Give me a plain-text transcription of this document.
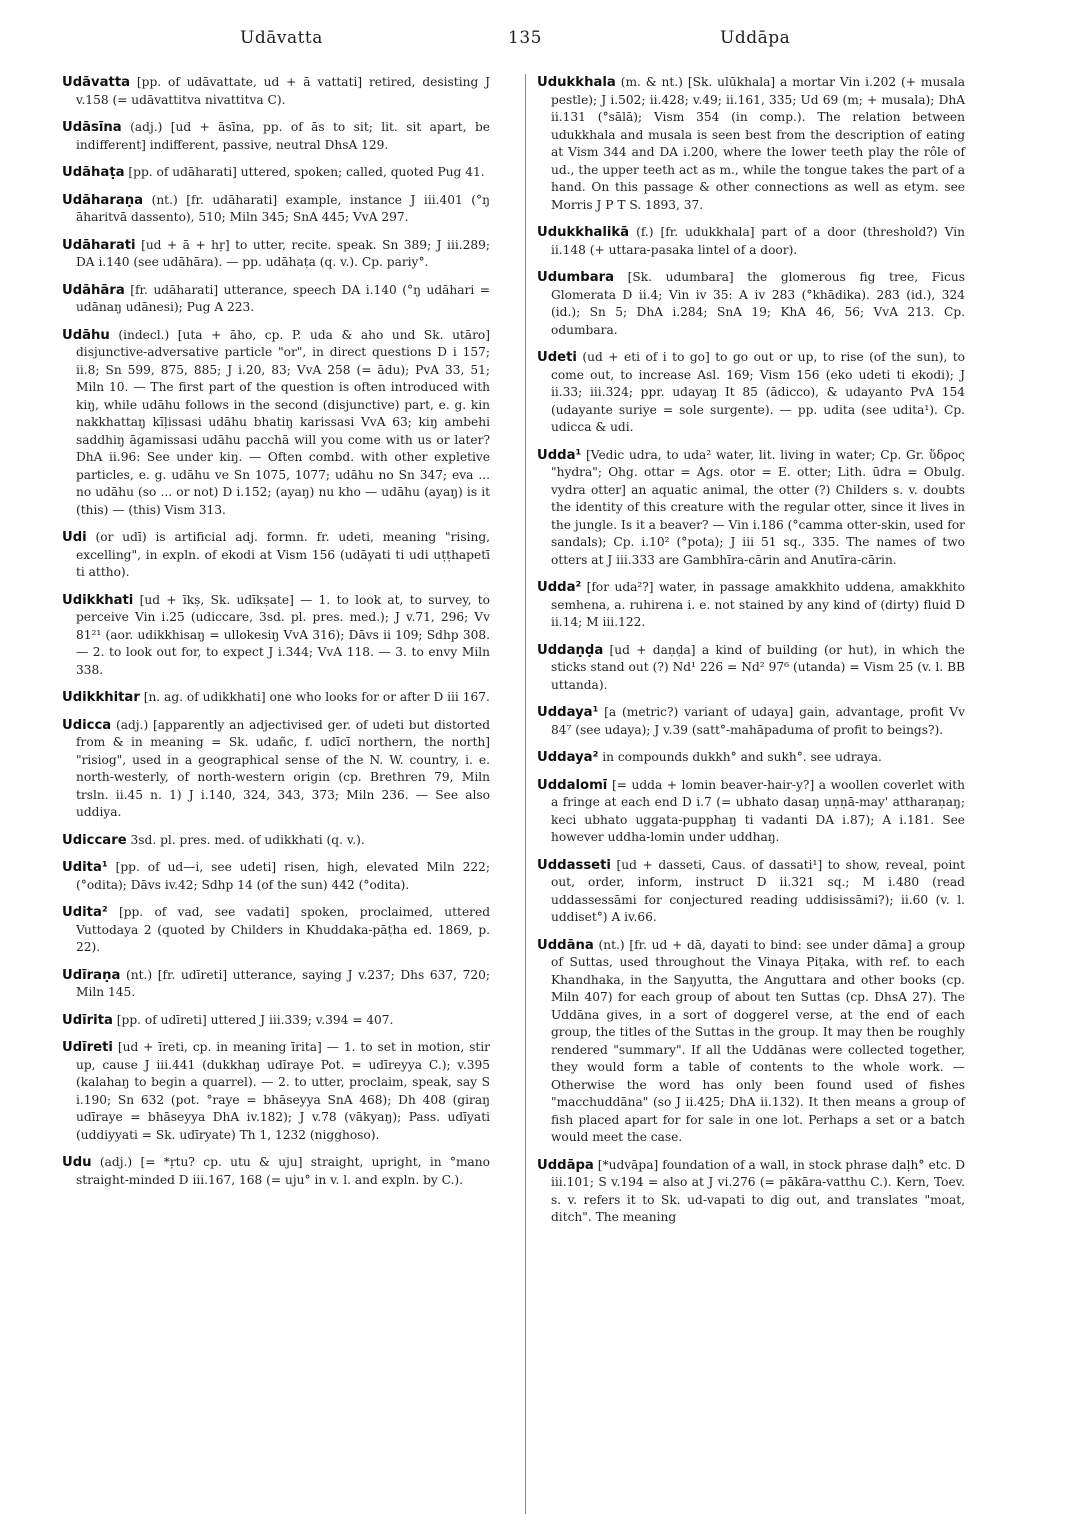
Udāvatta	135	Uddāpa

Udāvatta [pp. of udāvattate, ud + ā vattati] retired, desisting J v.158 (= udāvattitva nivattitva C).

Udāsīna (adj.) [ud + āsīna, pp. of ās to sit; lit. sit apart, be indifferent] indifferent, passive, neutral DhsA 129.

Udāhaṭa [pp. of udāharati] uttered, spoken; called, quoted Pug 41.

Udāharaṇa (nt.) [fr. udāharati] example, instance J iii.401 (°ŋ āharitvā dassento), 510; Miln 345; SnA 445; VvA 297.

Udāharati [ud + ā + hṛ] to utter, recite. speak. Sn 389; J iii.289; DA i.140 (see udāhāra). — pp. udāhaṭa (q. v.). Cp. pariy°.

Udāhāra [fr. udāharati] utterance, speech DA i.140 (°ŋ udāhari = udānaŋ udānesi); Pug A 223.

Udāhu (indecl.) [uta + āho, cp. P. uda & aho und Sk. utāro] disjunctive-adversative particle "or", in direct questions D i 157; ii.8; Sn 599, 875, 885; J i.20, 83; VvA 258 (= ādu); PvA 33, 51; Miln 10. — The first part of the question is often introduced with kiŋ, while udāhu follows in the second (disjunctive) part, e. g. kin nakkhattaŋ kīḷissasi udāhu bhatiŋ karissasi VvA 63; kiŋ ambehi saddhiŋ āgamissasi udāhu pacchā will you come with us or later? DhA ii.96: See under kiŋ. — Often combd. with other expletive particles, e. g. udāhu ve Sn 1075, 1077; udāhu no Sn 347; eva ... no udāhu (so ... or not) D i.152; (ayaŋ) nu kho — udāhu (ayaŋ) is it (this) — (this) Vism 313.

Udi (or udī) is artificial adj. formn. fr. udeti, meaning "rising, excelling", in expln. of ekodi at Vism 156 (udāyati ti udi uṭṭhapetī ti attho).

Udikkhati [ud + īkṣ, Sk. udīkṣate] — 1. to look at, to survey, to perceive Vin i.25 (udiccare, 3sd. pl. pres. med.); J v.71, 296; Vv 81²¹ (aor. udikkhisaŋ = ullokesiŋ VvA 316); Dāvs ii 109; Sdhp 308. — 2. to look out for, to expect J i.344; VvA 118. — 3. to envy Miln 338.

Udikkhitar [n. ag. of udikkhati] one who looks for or after D iii 167.

Udicca (adj.) [apparently an adjectivised ger. of udeti but distorted from & in meaning = Sk. udañc, f. udīcī northern, the north] "risiog", used in a geographical sense of the N. W. country, i. e. north-westerly, of north-western origin (cp. Brethren 79, Miln trsln. ii.45 n. 1) J i.140, 324, 343, 373; Miln 236. — See also uddiya.

Udiccare 3sd. pl. pres. med. of udikkhati (q. v.).

Udita¹ [pp. of ud—i, see udeti] risen, high, elevated Miln 222; (°odita); Dāvs iv.42; Sdhp 14 (of the sun) 442 (°odita).

Udita² [pp. of vad, see vadati] spoken, proclaimed, uttered Vuttodaya 2 (quoted by Childers in Khuddaka-pāṭha ed. 1869, p. 22).

Udīraṇa (nt.) [fr. udīreti] utterance, saying J v.237; Dhs 637, 720; Miln 145.

Udīrita [pp. of udīreti] uttered J iii.339; v.394 = 407.

Udīreti [ud + īreti, cp. in meaning īrita] — 1. to set in motion, stir up, cause J iii.441 (dukkhaŋ udīraye Pot. = udīreyya C.); v.395 (kalahaŋ to begin a quarrel). — 2. to utter, proclaim, speak, say S i.190; Sn 632 (pot. °raye = bhāseyya SnA 468); Dh 408 (giraŋ udīraye = bhāseyya DhA iv.182); J v.78 (vākyaŋ); Pass. udīyati (uddiyyati = Sk. udīryate) Th 1, 1232 (nigghoso).

Udu (adj.) [= *ṛtu? cp. utu & uju] straight, upright, in °mano straight-minded D iii.167, 168 (= uju° in v. l. and expln. by C.).

Udukkhala (m. & nt.) [Sk. ulūkhala] a mortar Vin i.202 (+ musala pestle); J i.502; ii.428; v.49; ii.161, 335; Ud 69 (m; + musala); DhA ii.131 (°sālā); Vism 354 (in comp.). The relation between udukkhala and musala is seen best from the description of eating at Vism 344 and DA i.200, where the lower teeth play the rôle of ud., the upper teeth act as m., while the tongue takes the part of a hand. On this passage & other connections as well as etym. see Morris J P T S. 1893, 37.

Udukkhalikā (f.) [fr. udukkhala] part of a door (threshold?) Vin ii.148 (+ uttara-pasaka lintel of a door).

Udumbara [Sk. udumbara] the glomerous fig tree, Ficus Glomerata D ii.4; Vin iv 35: A iv 283 (°khādika). 283 (id.), 324 (id.); Sn 5; DhA i.284; SnA 19; KhA 46, 56; VvA 213. Cp. odumbara.

Udeti (ud + eti of i to go] to go out or up, to rise (of the sun), to come out, to increase Asl. 169; Vism 156 (eko udeti ti ekodi); J ii.33; iii.324; ppr. udayaŋ It 85 (ādicco), & udayanto PvA 154 (udayante suriye = sole surgente). — pp. udita (see udita¹). Cp. udicca & udi.

Udda¹ [Vedic udra, to uda² water, lit. living in water; Cp. Gr. ὕδρος "hydra"; Ohg. ottar = Ags. otor = E. otter; Lith. ūdra = Obulg. vydra otter] an aquatic animal, the otter (?) Childers s. v. doubts the identity of this creature with the regular otter, since it lives in the jungle. Is it a beaver? — Vin i.186 (°camma otter-skin, used for sandals); Cp. i.10² (°pota); J iii 51 sq., 335. The names of two otters at J iii.333 are Gambhīra-cārin and Anutīra-cārin.

Udda² [for uda²?] water, in passage amakkhito uddena, amakkhito semhena, a. ruhirena i. e. not stained by any kind of (dirty) fluid D ii.14; M iii.122.

Uddaṇḍa [ud + daṇḍa] a kind of building (or hut), in which the sticks stand out (?) Nd¹ 226 = Nd² 97⁶ (utanda) = Vism 25 (v. l. BB uttanda).

Uddaya¹ [a (metric?) variant of udaya] gain, advantage, profit Vv 84⁷ (see udaya); J v.39 (satt°-mahāpaduma of profit to beings?).

Uddaya² in compounds dukkh° and sukh°. see udraya.

Uddalomī [= udda + lomin beaver-hair-y?] a woollen coverlet with a fringe at each end D i.7 (= ubhato dasaŋ uṇṇā-may' attharaṇaŋ; keci ubhato uggata-pupphaŋ ti vadanti DA i.87); A i.181. See however uddha-lomin under uddhaŋ.

Uddasseti [ud + dasseti, Caus. of dassati¹] to show, reveal, point out, order, inform, instruct D ii.321 sq.; M i.480 (read uddassessāmi for conjectured reading uddisissāmi?); ii.60 (v. l. uddiset°) A iv.66.

Uddāna (nt.) [fr. ud + dā, dayati to bind: see under dāma] a group of Suttas, used throughout the Vinaya Piṭaka, with ref. to each Khandhaka, in the Saŋyutta, the Anguttara and other books (cp. Miln 407) for each group of about ten Suttas (cp. DhsA 27). The Uddāna gives, in a sort of doggerel verse, at the end of each group, the titles of the Suttas in the group. It may then be roughly rendered "summary". If all the Uddānas were collected together, they would form a table of contents to the whole work. — Otherwise the word has only been found used of fishes "macchuddāna" (so J ii.425; DhA ii.132). It then means a group of fish placed apart for for sale in one lot. Perhaps a set or a batch would meet the case.

Uddāpa [*udvāpa] foundation of a wall, in stock phrase daḷh° etc. D iii.101; S v.194 = also at J vi.276 (= pākāra-vatthu C.). Kern, Toev. s. v. refers it to Sk. ud-vapati to dig out, and translates "moat, ditch". The meaning
